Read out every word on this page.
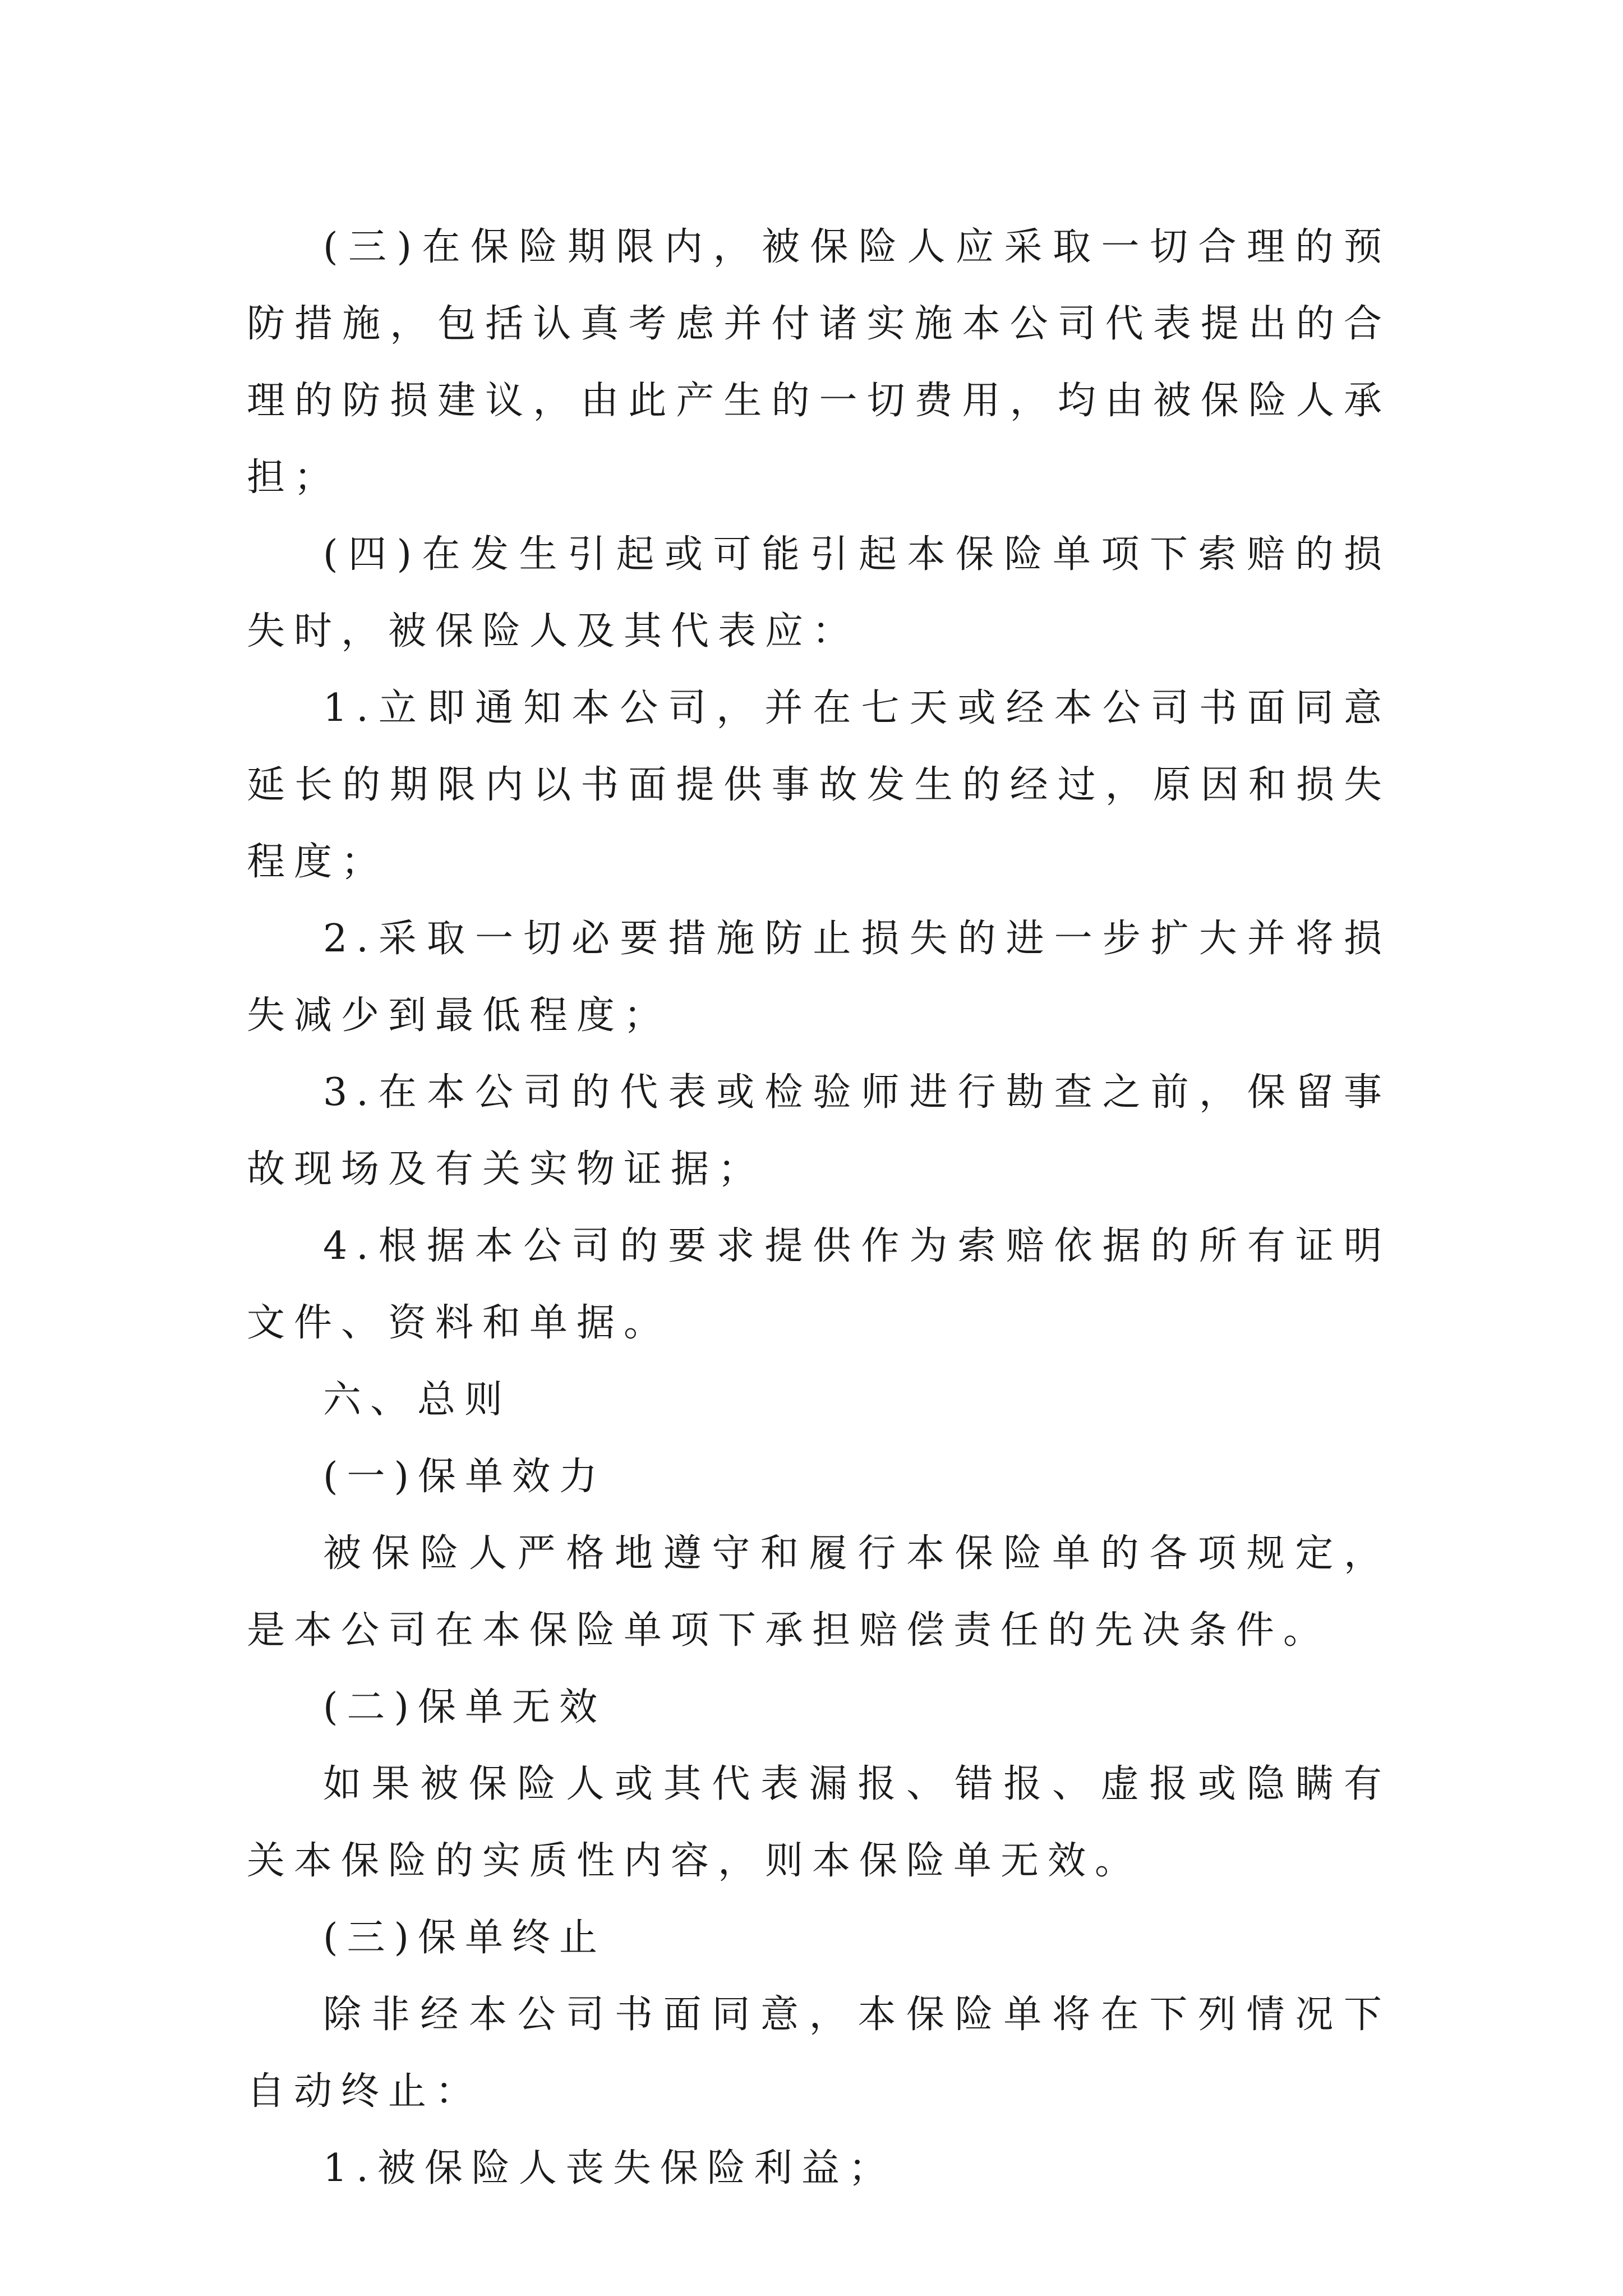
(三)在保险期限内，被保险人应采取一切合理的预防措施，包括认真考虑并付诸实施本公司代表提出的合理的防损建议，由此产生的一切费用，均由被保险人承担；

(四)在发生引起或可能引起本保险单项下索赔的损失时，被保险人及其代表应：

1.立即通知本公司，并在七天或经本公司书面同意延长的期限内以书面提供事故发生的经过，原因和损失程度；

2.采取一切必要措施防止损失的进一步扩大并将损失减少到最低程度；

3.在本公司的代表或检验师进行勘查之前，保留事故现场及有关实物证据；

4.根据本公司的要求提供作为索赔依据的所有证明文件、资料和单据。

六、总则

(一)保单效力

被保险人严格地遵守和履行本保险单的各项规定，是本公司在本保险单项下承担赔偿责任的先决条件。

(二)保单无效

如果被保险人或其代表漏报、错报、虚报或隐瞒有关本保险的实质性内容，则本保险单无效。

(三)保单终止

除非经本公司书面同意，本保险单将在下列情况下自动终止：

1.被保险人丧失保险利益；
